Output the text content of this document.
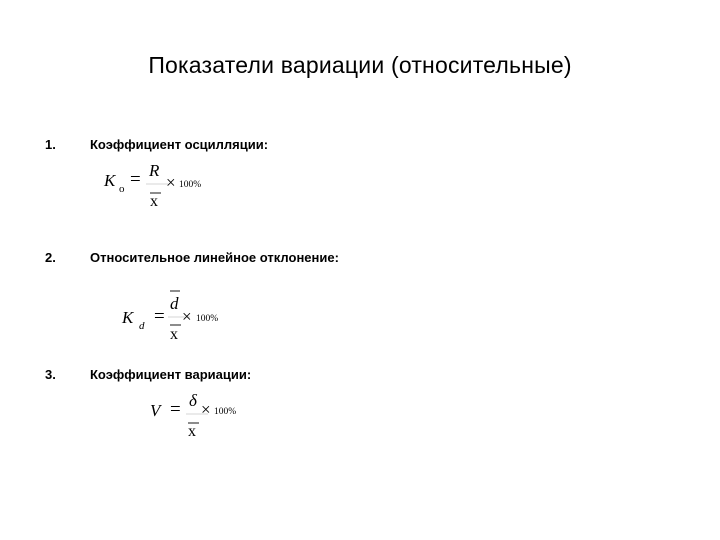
Показатели вариации (относительные)
1.	Коэффициент осцилляции:
K o = R
x
× 100%
2.	Относительное линейное отклонение:
K d =
d
x
× 100%
3.	Коэффициент вариации:
V = δ
x
× 100%
